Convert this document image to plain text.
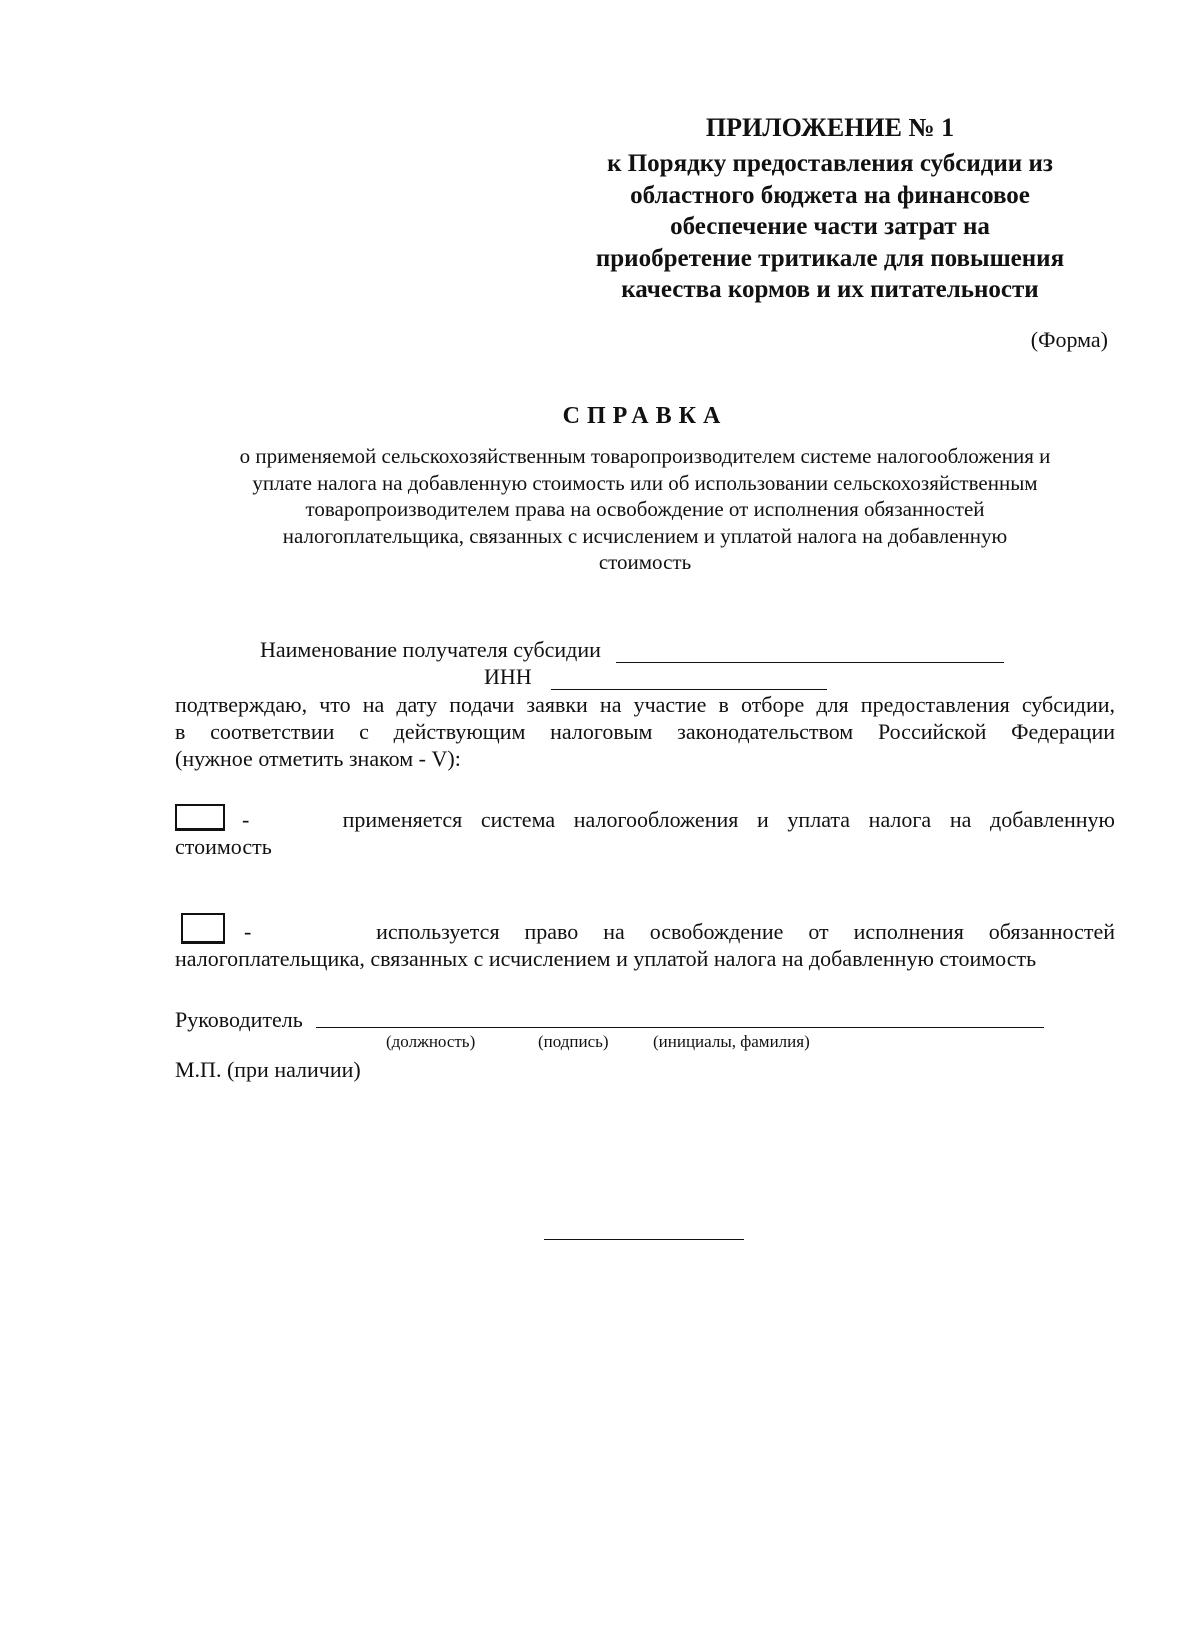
ПРИЛОЖЕНИЕ № 1
к Порядку предоставления субсидии из
областного бюджета на финансовое
обеспечение части затрат на
приобретение тритикале для повышения
качества кормов и их питательности
(Форма)
СПРАВКА
о применяемой сельскохозяйственным товаропроизводителем системе налогообложения и
уплате налога на добавленную стоимость или об использовании сельскохозяйственным
товаропроизводителем права на освобождение от исполнения обязанностей
налогоплательщика, связанных с исчислением и уплатой налога на добавленную
стоимость
Наименование получателя субсидии
ИНН
подтверждаю, что на дату подачи заявки на участие в отборе для предоставления субсидии,
в соответствии с действующим налоговым законодательством Российской Федерации
(нужное отметить знаком - V):
-     применяется система налогообложения и уплата налога на добавленную
стоимость
-     используется право на освобождение от исполнения обязанностей
налогоплательщика, связанных с исчислением и уплатой налога на добавленную стоимость
Руководитель
(должность)	(подпись)	(инициалы, фамилия)
М.П. (при наличии)
